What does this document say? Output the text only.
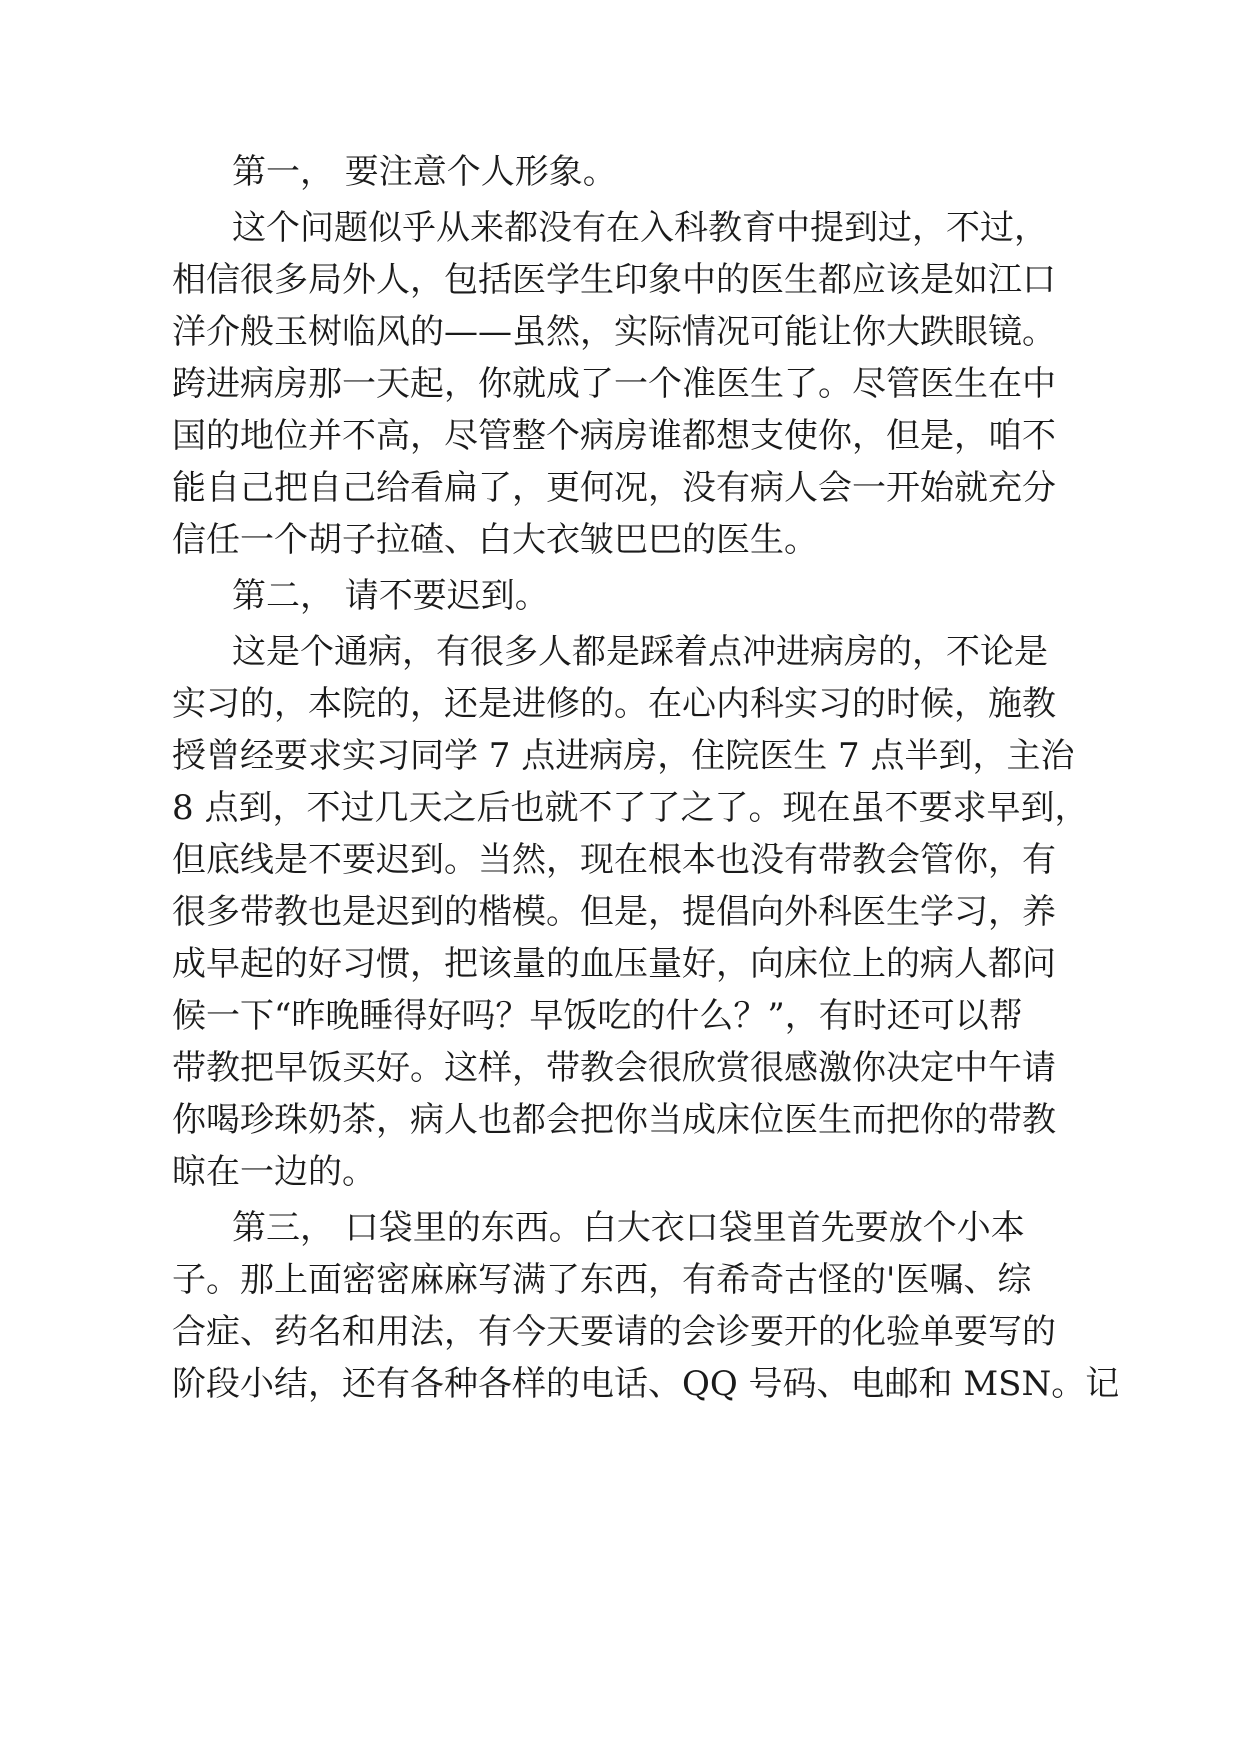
第一， 要注意个人形象。
这个问题似乎从来都没有在入科教育中提到过，不过，
相信很多局外人，包括医学生印象中的医生都应该是如江口
洋介般玉树临风的——虽然，实际情况可能让你大跌眼镜。
跨进病房那一天起，你就成了一个准医生了。尽管医生在中
国的地位并不高，尽管整个病房谁都想支使你，但是，咱不
能自己把自己给看扁了，更何况，没有病人会一开始就充分
信任一个胡子拉碴、白大衣皱巴巴的医生。
第二， 请不要迟到。
这是个通病，有很多人都是踩着点冲进病房的，不论是
实习的，本院的，还是进修的。在心内科实习的时候，施教
授曾经要求实习同学 7 点进病房，住院医生 7 点半到，主治
8 点到，不过几天之后也就不了了之了。现在虽不要求早到，
但底线是不要迟到。当然，现在根本也没有带教会管你，有
很多带教也是迟到的楷模。但是，提倡向外科医生学习，养
成早起的好习惯，把该量的血压量好，向床位上的病人都问
候一下“昨晚睡得好吗？早饭吃的什么？”，有时还可以帮
带教把早饭买好。这样，带教会很欣赏很感激你决定中午请
你喝珍珠奶茶，病人也都会把你当成床位医生而把你的带教
晾在一边的。
第三， 口袋里的东西。白大衣口袋里首先要放个小本
子。那上面密密麻麻写满了东西，有希奇古怪的'医嘱、综
合症、药名和用法，有今天要请的会诊要开的化验单要写的
阶段小结，还有各种各样的电话、QQ 号码、电邮和 MSN。记
